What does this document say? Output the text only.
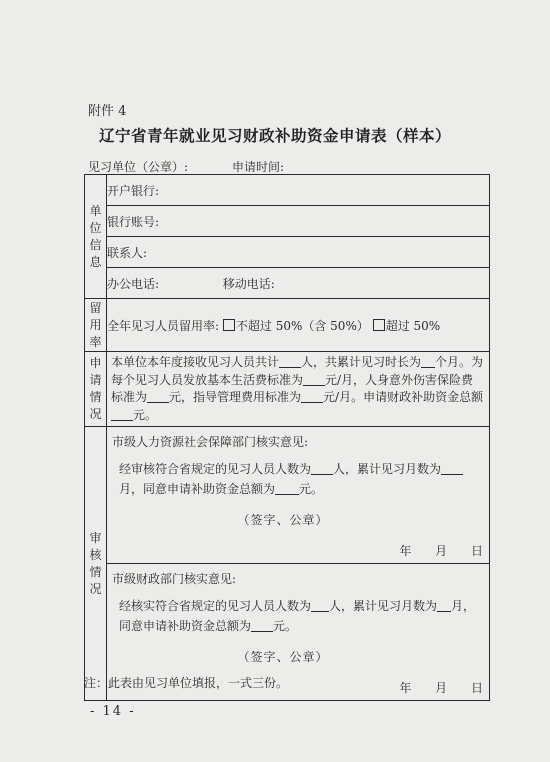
附件 4
辽宁省青年就业见习财政补助资金申请表（样本）
见习单位（公章）:	申请时间:
单位信息	开户银行:
	银行账号:
	联系人:
	办公电话: 移动电话:
留用率	全年见习人员留用率: 不超过 50%（含 50%） 超过 50%
申请情况	本单位本年度接收见习人员共计 人，共累计见习时长为 个月。为每个见习人员发放基本生活费标准为 元/月，人身意外伤害保险费标准为 元，指导管理费用标准为 元/月。申请财政补助资金总额元。

审核情况	市级人力资源社会保障部门核实意见:
经审核符合省规定的见习人员人数为 人，累计见习月数为月，同意申请补助资金总额为 元。
（签字、公章）
年 月 日

	市级财政部门核实意见:
经核实符合省规定的见习人员人数为 人，累计见习月数为 月，同意申请补助资金总额为 元。
（签字、公章）
年 月 日
注：此表由见习单位填报，一式三份。
- 14 -
